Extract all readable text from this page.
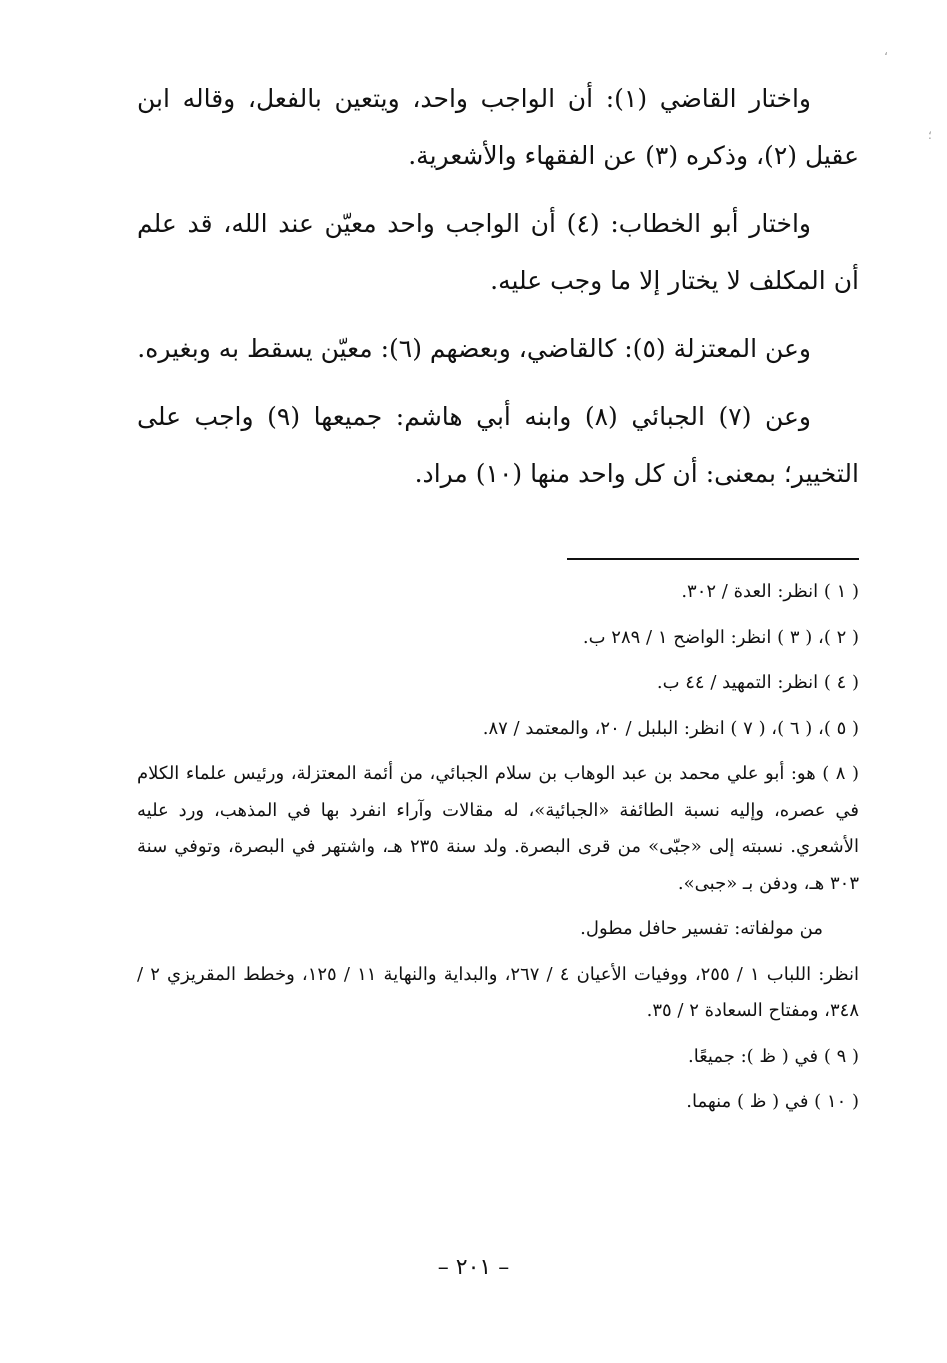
واختار القاضي (١): أن الواجب واحد، ويتعين بالفعل، وقاله ابن عقيل (٢)، وذكره (٣) عن الفقهاء والأشعرية.

واختار أبو الخطاب: (٤) أن الواجب واحد معيّن عند الله، قد علم أن المكلف لا يختار إلا ما وجب عليه.

وعن المعتزلة (٥): كالقاضي، وبعضهم (٦): معيّن يسقط به وبغيره.

وعن (٧) الجبائي (٨) وابنه أبي هاشم: جميعها (٩) واجب على التخيير؛ بمعنى: أن كل واحد منها (١٠) مراد.

( ١ ) انظر: العدة / ٣٠٢.

( ٢ )، ( ٣ ) انظر: الواضح ١ / ٢٨٩ ب.

( ٤ ) انظر: التمهيد / ٤٤ ب.

( ٥ )، ( ٦ )، ( ٧ ) انظر: البلبل / ٢٠، والمعتمد / ٨٧.

( ٨ ) هو: أبو علي محمد بن عبد الوهاب بن سلام الجبائي، من أئمة المعتزلة، ورئيس علماء الكلام في عصره، وإليه نسبة الطائفة «الجبائية»، له مقالات وآراء انفرد بها في المذهب، ورد عليه الأشعري. نسبته إلى «جبّى» من قرى البصرة. ولد سنة ٢٣٥ هـ، واشتهر في البصرة، وتوفي سنة ٣٠٣ هـ، ودفن بـ «جبى».

من مولفاته: تفسير حافل مطول.

انظر: اللباب ١ / ٢٥٥، ووفيات الأعيان ٤ / ٢٦٧، والبداية والنهاية ١١ / ١٢٥، وخطط المقريزي ٢ / ٣٤٨، ومفتاح السعادة ٢ / ٣٥.

( ٩ ) في ( ظ ): جميعًا.

( ١٠ ) في ( ظ ) منهما.

– ٢٠١ –
،
؛
